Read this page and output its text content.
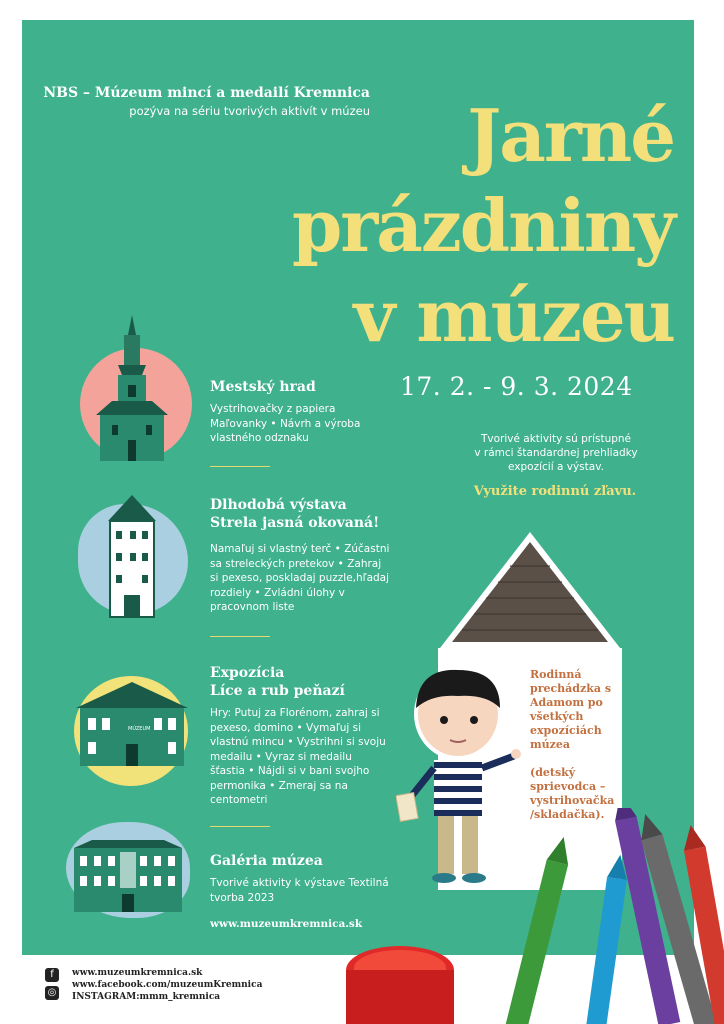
NBS – Múzeum mincí a medailí Kremnica
pozýva na sériu tvorivých aktivít v múzeu Jarné
prázdniny
v múzeu
17. 2. - 9. 3. 2024
Tvorivé aktivity sú prístupné
v rámci štandardnej prehliadky
expozícií a výstav.
Využite rodinnú zľavu.
Mestský hrad
Vystrihovačky z papiera Maľovanky • Návrh a výroba vlastného odznaku
Dlhodobá výstava
Strela jasná okovaná!
Namaľuj si vlastný terč • Zúčastni sa streleckých pretekov • Zahraj si pexeso, poskladaj puzzle,hľadaj rozdiely • Zvládni úlohy v pracovnom liste
MÚZEUM
Expozícia
Líce a rub peňazí
Hry: Putuj za Florénom, zahraj si pexeso, domino • Vymaľuj si vlastnú mincu • Vystrihni si svoju medailu • Vyraz si medailu šťastia • Nájdi si v bani svojho permonika • Zmeraj sa na centometri
Galéria múzea
Tvorivé aktivity k výstave Textilná tvorba 2023
www.muzeumkremnica.sk
Rodinná prechádzka s Adamom po všetkých expozíciách múzea
(detský sprievodca – vystrihovačka /skladačka).
f
◎
www.muzeumkremnica.sk
www.facebook.com/muzeumKremnica
INSTAGRAM:mmm_kremnica
